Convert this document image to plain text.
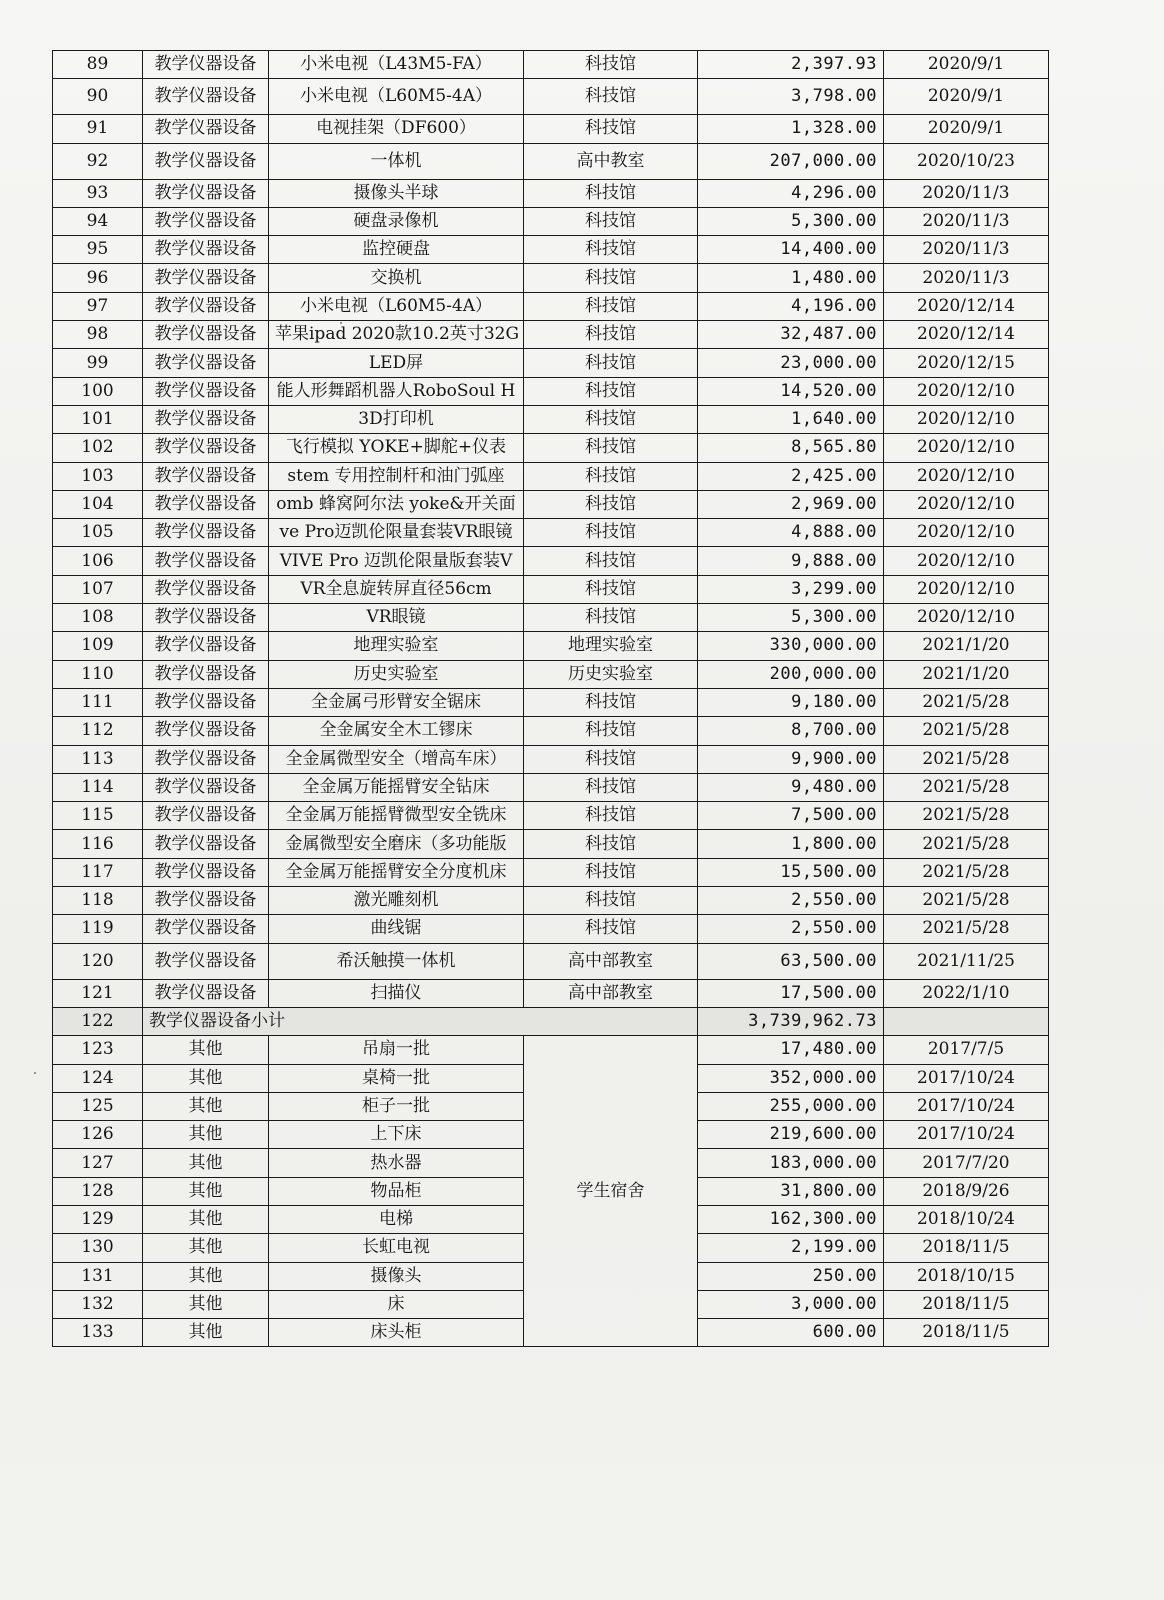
89	教学仪器设备	小米电视（L43M5-FA）	科技馆	2,397.93	2020/9/1
90	教学仪器设备	小米电视（L60M5-4A）	科技馆	3,798.00	2020/9/1
91	教学仪器设备	电视挂架（DF600）	科技馆	1,328.00	2020/9/1
92	教学仪器设备	一体机	高中教室	207,000.00	2020/10/23
93	教学仪器设备	摄像头半球	科技馆	4,296.00	2020/11/3
94	教学仪器设备	硬盘录像机	科技馆	5,300.00	2020/11/3
95	教学仪器设备	监控硬盘	科技馆	14,400.00	2020/11/3
96	教学仪器设备	交换机	科技馆	1,480.00	2020/11/3
97	教学仪器设备	小米电视（L60M5-4A）	科技馆	4,196.00	2020/12/14
98	教学仪器设备	苹果ipad 2020款10.2英寸32G	科技馆	32,487.00	2020/12/14
99	教学仪器设备	LED屏	科技馆	23,000.00	2020/12/15
100	教学仪器设备	能人形舞蹈机器人RoboSoul H	科技馆	14,520.00	2020/12/10
101	教学仪器设备	3D打印机	科技馆	1,640.00	2020/12/10
102	教学仪器设备	飞行模拟 YOKE+脚舵+仪表	科技馆	8,565.80	2020/12/10
103	教学仪器设备	stem 专用控制杆和油门弧座	科技馆	2,425.00	2020/12/10
104	教学仪器设备	omb 蜂窝阿尔法 yoke&开关面	科技馆	2,969.00	2020/12/10
105	教学仪器设备	ve Pro迈凯伦限量套装VR眼镜	科技馆	4,888.00	2020/12/10
106	教学仪器设备	VIVE Pro 迈凯伦限量版套装V	科技馆	9,888.00	2020/12/10
107	教学仪器设备	VR全息旋转屏直径56cm	科技馆	3,299.00	2020/12/10
108	教学仪器设备	VR眼镜	科技馆	5,300.00	2020/12/10
109	教学仪器设备	地理实验室	地理实验室	330,000.00	2021/1/20
110	教学仪器设备	历史实验室	历史实验室	200,000.00	2021/1/20
111	教学仪器设备	全金属弓形臂安全锯床	科技馆	9,180.00	2021/5/28
112	教学仪器设备	全金属安全木工镠床	科技馆	8,700.00	2021/5/28
113	教学仪器设备	全金属微型安全（增高车床）	科技馆	9,900.00	2021/5/28
114	教学仪器设备	全金属万能摇臂安全钻床	科技馆	9,480.00	2021/5/28
115	教学仪器设备	全金属万能摇臂微型安全铣床	科技馆	7,500.00	2021/5/28
116	教学仪器设备	金属微型安全磨床（多功能版	科技馆	1,800.00	2021/5/28
117	教学仪器设备	全金属万能摇臂安全分度机床	科技馆	15,500.00	2021/5/28
118	教学仪器设备	激光雕刻机	科技馆	2,550.00	2021/5/28
119	教学仪器设备	曲线锯	科技馆	2,550.00	2021/5/28
120	教学仪器设备	希沃触摸一体机	高中部教室	63,500.00	2021/11/25
121	教学仪器设备	扫描仪	高中部教室	17,500.00	2022/1/10
122	教学仪器设备小计			3,739,962.73	
123	其他	吊扇一批	学生宿舍	17,480.00	2017/7/5
124	其他	桌椅一批		352,000.00	2017/10/24
125	其他	柜子一批		255,000.00	2017/10/24
126	其他	上下床		219,600.00	2017/10/24
127	其他	热水器		183,000.00	2017/7/20
128	其他	物品柜		31,800.00	2018/9/26
129	其他	电梯		162,300.00	2018/10/24
130	其他	长虹电视		2,199.00	2018/11/5
131	其他	摄像头		250.00	2018/10/15
132	其他	床		3,000.00	2018/11/5
133	其他	床头柜		600.00	2018/11/5
